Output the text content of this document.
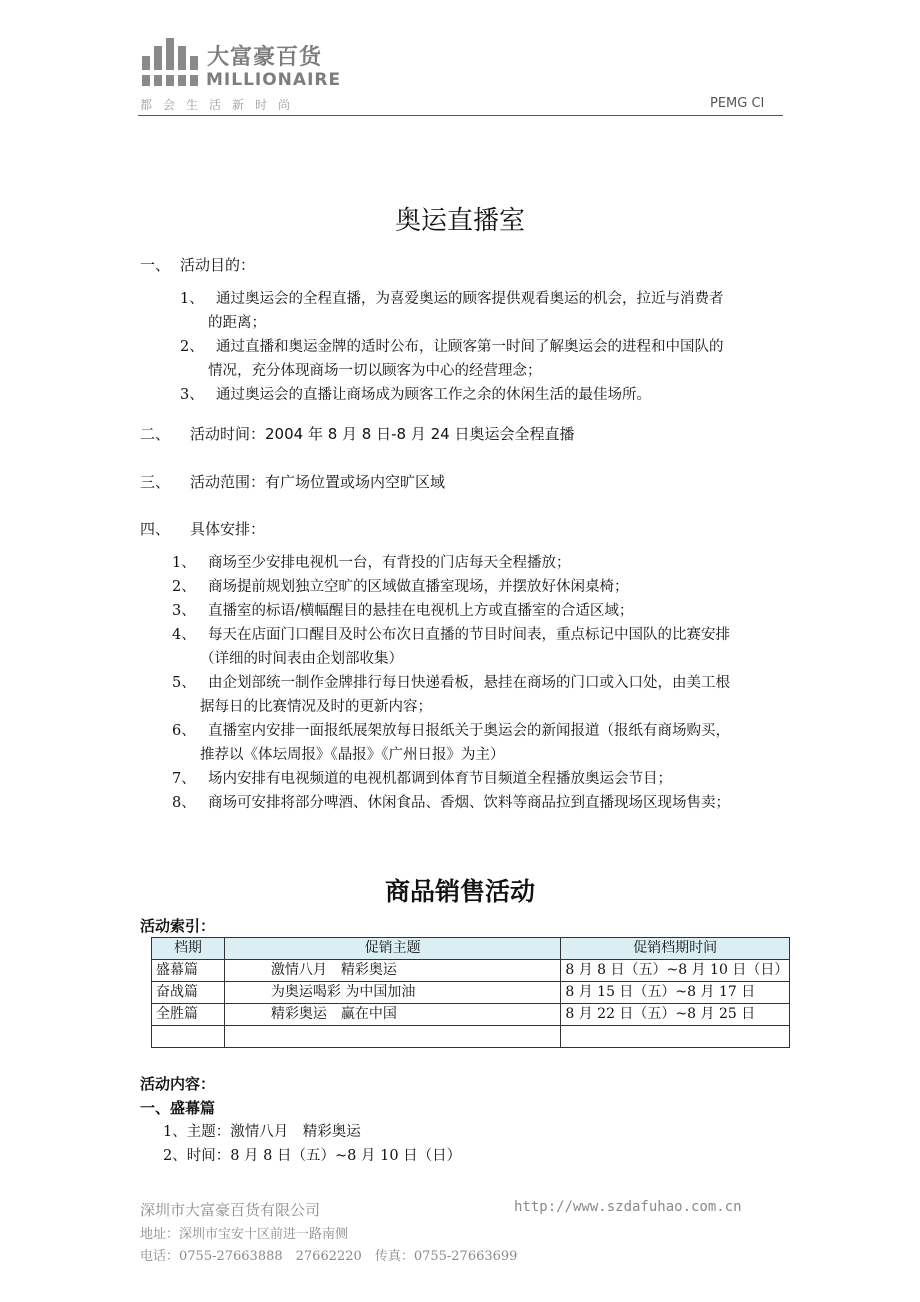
大富豪百货
MILLIONAIRE
都会生活新时尚	PEMG CI
奥运直播室
一、 活动目的：
1、 通过奥运会的全程直播，为喜爱奥运的顾客提供观看奥运的机会，拉近与消费者
的距离；
2、 通过直播和奥运金牌的适时公布，让顾客第一时间了解奥运会的进程和中国队的
情况，充分体现商场一切以顾客为中心的经营理念；
3、 通过奥运会的直播让商场成为顾客工作之余的休闲生活的最佳场所。
二、 活动时间：2004 年 8 月 8 日-8 月 24 日奥运会全程直播
三、 活动范围：有广场位置或场内空旷区域
四、 具体安排：
1、 商场至少安排电视机一台，有背投的门店每天全程播放；
2、 商场提前规划独立空旷的区域做直播室现场，并摆放好休闲桌椅；
3、 直播室的标语/横幅醒目的悬挂在电视机上方或直播室的合适区域；
4、 每天在店面门口醒目及时公布次日直播的节目时间表，重点标记中国队的比赛安排
（详细的时间表由企划部收集）
5、 由企划部统一制作金牌排行每日快递看板，悬挂在商场的门口或入口处，由美工根
据每日的比赛情况及时的更新内容；
6、 直播室内安排一面报纸展架放每日报纸关于奥运会的新闻报道（报纸有商场购买，
推荐以《体坛周报》《晶报》《广州日报》为主）
7、 场内安排有电视频道的电视机都调到体育节目频道全程播放奥运会节目；
8、 商场可安排将部分啤酒、休闲食品、香烟、饮料等商品拉到直播现场区现场售卖；
商品销售活动
活动索引：
档期	促销主题	促销档期时间
盛幕篇	激情八月　精彩奥运	8 月 8 日（五）~8 月 10 日（日）
奋战篇	为奥运喝彩 为中国加油	8 月 15 日（五）~8 月 17 日
全胜篇	精彩奥运　赢在中国	8 月 22 日（五）~8 月 25 日

活动内容：
一、盛幕篇
1、主题：激情八月　精彩奥运
2、时间：8 月 8 日（五）~8 月 10 日（日）
深圳市大富豪百货有限公司	http://www.szdafuhao.com.cn
地址：深圳市宝安十区前进一路南侧
电话：0755-27663888　27662220　传真：0755-27663699
